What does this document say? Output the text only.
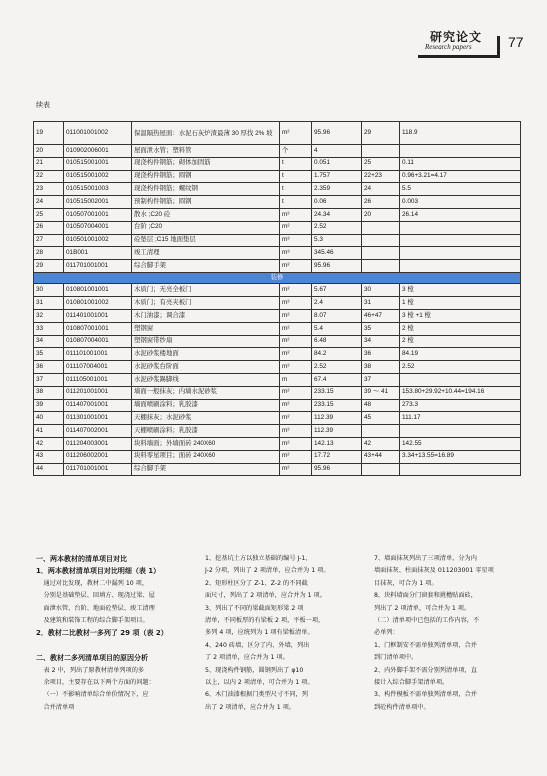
研究论文
Research papers	77
续表
19	011001001002	保温隔热屋面：水泥石灰炉渣最薄 30 厚找 2% 坡	m²	95.96	29	118.9
20	010902006001	屋面泄水管；塑料管	个	4		
21	010515001001	现浇构件钢筋；砌体加固筋	t	0.051	25	0.11
22	010515001002	现浇构件钢筋；圆钢	t	1.757	22+23	0.96+3.21=4.17
23	010515001003	现浇构件钢筋；螺纹钢	t	2.359	24	5.5
24	010515002001	预制构件钢筋；圆钢	t	0.06	26	0.003
25	010507001001	散水 ;C20 砼	m²	24.34	20	26.14
26	010507004001	台阶 ;C20	m²	2.52		
27	010501001002	砼垫层 ;C15 地面垫层	m³	5.3		
28	01B001	竣工清理	m³	345.46		
29	011701001001	综合脚手架	m²	95.96		
装修						
30	010801001001	木质门；无亮全板门	m²	5.67	30	3 樘
31	010801001002	木质门；有亮夹板门	m²	2.4	31	1 樘
32	011401001001	木门油漆；调合漆	m²	8.07	46+47	3 樘 +1 樘
33	010807001001	塑钢窗	m²	5.4	35	2 樘
34	010807004001	塑钢窗带纱扇	m²	6.48	34	2 樘
35	011101001001	水泥砂浆楼地面	m²	84.2	36	84.19
36	011107004001	水泥砂浆台阶面	m²	2.52	38	2.52
37	011105001001	水泥砂浆踢脚线	m	67.4	37	
38	011201001001	墙面一般抹灰；内墙水泥砂浆	m²	233.15	39 ～ 41	153.80+29.92+10.44=194.16
39	011407001001	墙面喷刷涂料；乳胶漆	m²	233.15	48	273.3
40	011301001001	天棚抹灰；水泥砂浆	m²	112.39	45	111.17
41	011407002001	天棚喷刷涂料；乳胶漆	m²	112.39		
42	011204003001	块料墙面；外墙面砖 240X60	m²	142.13	42	142.55
43	011206002001	块料零星项目；面砖 240X60	m²	17.72	43+44	3.34+13.55=16.89
44	011701001001	综合脚手架	m²	95.96		

一、两本教材的清单项目对比

1．两本教材清单项目对比明细（表 1）

通过对比发现，教材二中漏列 10 项，

分别是基础垫层、回填方、现浇过梁、屋

面泄水管、台阶、地面砼垫层、竣工清理

及建筑和装饰工程的综合脚手架项目。

2．教材二比教材一多列了 29 项（表 2）

二、教材二多列清单项目的原因分析

表 2 中，列出了原教材清单列项的多

余项目，主要存在以下两个方面的问题：

（一）不影响清单综合单价情况下，应

合并清单项

1、挖基坑土方以独立基础的编号 J-1、

J-2 分项，列出了 2 项清单，应合并为 1 项。

2、矩形柱区分了 Z-1、Z-2 的不同截

面尺寸，列出了 2 项清单，应合并为 1 项。

3、列出了不同的梁截面矩形梁 2 项

清单，不同板厚的有梁板 2 项，平板一项，

多列 4 项，应统列为 1 项有梁板清单。

4、240 砖墙，区分了内、外墙，列出

了 2 项清单，应合并为 1 项。

5、现浇构件钢筋，圆钢列出了 φ10

以上，以内 2 项清单，可合并为 1 项。

6、木门油漆根据门类型尺寸不同，列

出了 2 项清单，应合并为 1 项。

7、墙面抹灰列出了三项清单，分为内

墙面抹灰、柱面抹灰及 011203001 零星项

目抹灰，可合为 1 项。

8、块料墙面分门窗套和挑檐贴面砖，

列出了 2 项清单，可合并为 1 项。

（二）清单项中已包括的工作内容，不

必单列：

1、门框制安不需单独列清单项，合并

到门清单项中。

2、内外脚手架不需分别列清单项，直

接计入综合脚手架清单项。

3、构件模板不需单独列清单项，合并

到砼构件清单项中。
